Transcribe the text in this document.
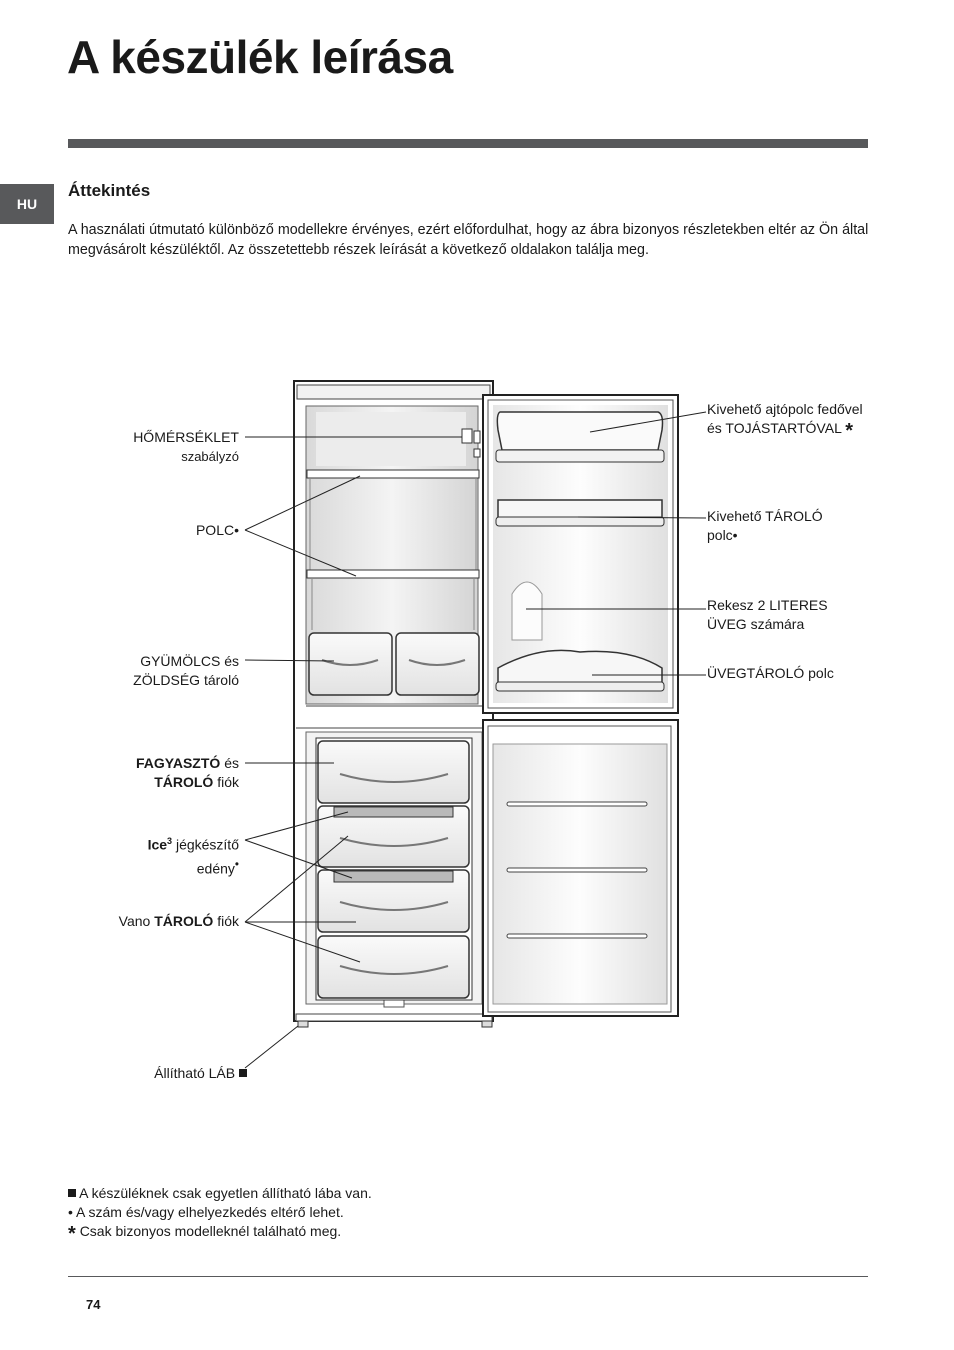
A készülék leírása
HU
Áttekintés

A használati útmutató különböző modellekre érvényes, ezért előfordulhat, hogy az ábra bizonyos részletekben eltér az Ön által megvásárolt készüléktől. Az összetettebb részek leírását a következő oldalakon találja meg.

HŐMÉRSÉKLET
szabályzó

POLC•

GYÜMÖLCS és
ZÖLDSÉG tároló

FAGYASZTÓ és
TÁROLÓ fiók

Ice$^3$ jégkészítő
edény•

Vano TÁROLÓ fiók

Állítható LÁB

Kivehető ajtópolc fedővel
és TOJÁSTARTÓVAL *

Kivehető TÁROLÓ
polc•

Rekesz 2 LITERES
ÜVEG számára

ÜVEGTÁROLÓ polc

A készüléknek csak egyetlen állítható lába van.

• A szám és/vagy elhelyezkedés eltérő lehet.

* Csak bizonyos modelleknél található meg.

74
